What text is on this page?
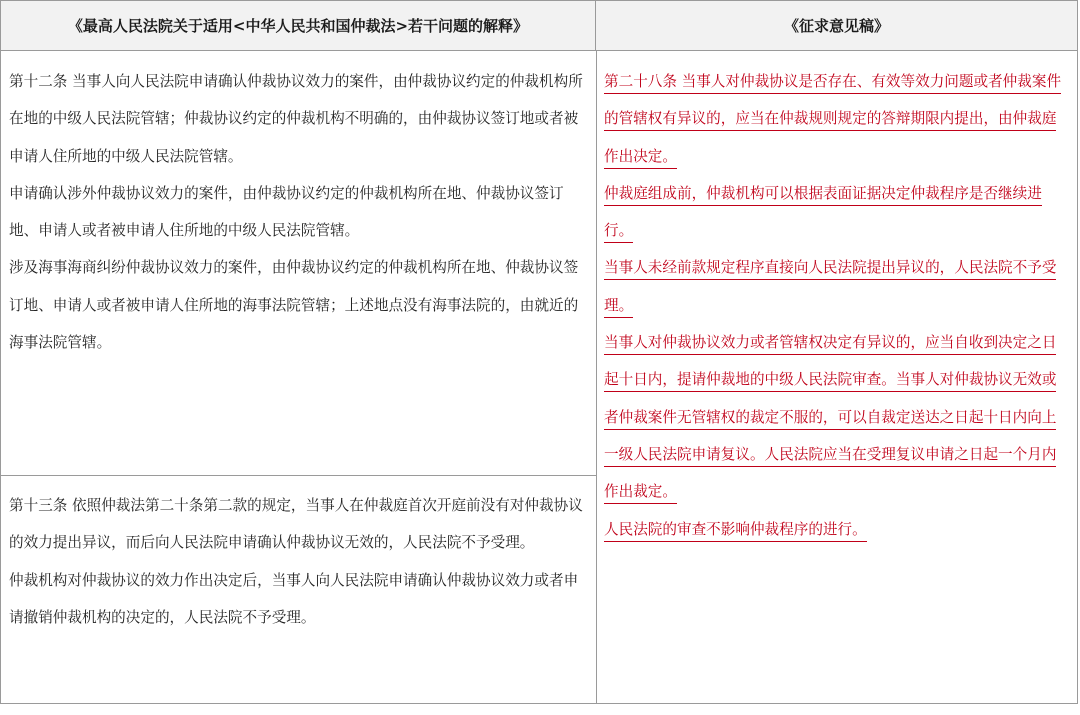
《最高人民法院关于适用<中华人民共和国仲裁法>若干问题的解释》	《征求意见稿》

第十二条 当事人向人民法院申请确认仲裁协议效力的案件，由仲裁协议约定的仲裁机构所在地的中级人民法院管辖；仲裁协议约定的仲裁机构不明确的，由仲裁协议签订地或者被申请人住所地的中级人民法院管辖。

申请确认涉外仲裁协议效力的案件，由仲裁协议约定的仲裁机构所在地、仲裁协议签订地、申请人或者被申请人住所地的中级人民法院管辖。

涉及海事海商纠纷仲裁协议效力的案件，由仲裁协议约定的仲裁机构所在地、仲裁协议签订地、申请人或者被申请人住所地的海事法院管辖；上述地点没有海事法院的，由就近的海事法院管辖。

第十三条 依照仲裁法第二十条第二款的规定，当事人在仲裁庭首次开庭前没有对仲裁协议的效力提出异议，而后向人民法院申请确认仲裁协议无效的，人民法院不予受理。

仲裁机构对仲裁协议的效力作出决定后，当事人向人民法院申请确认仲裁协议效力或者申请撤销仲裁机构的决定的，人民法院不予受理。

第二十八条 当事人对仲裁协议是否存在、有效等效力问题或者仲裁案件的管辖权有异议的，应当在仲裁规则规定的答辩期限内提出，由仲裁庭作出决定。

仲裁庭组成前，仲裁机构可以根据表面证据决定仲裁程序是否继续进行。

当事人未经前款规定程序直接向人民法院提出异议的，人民法院不予受理。

当事人对仲裁协议效力或者管辖权决定有异议的，应当自收到决定之日起十日内，提请仲裁地的中级人民法院审查。当事人对仲裁协议无效或者仲裁案件无管辖权的裁定不服的，可以自裁定送达之日起十日内向上一级人民法院申请复议。人民法院应当在受理复议申请之日起一个月内作出裁定。

人民法院的审查不影响仲裁程序的进行。
